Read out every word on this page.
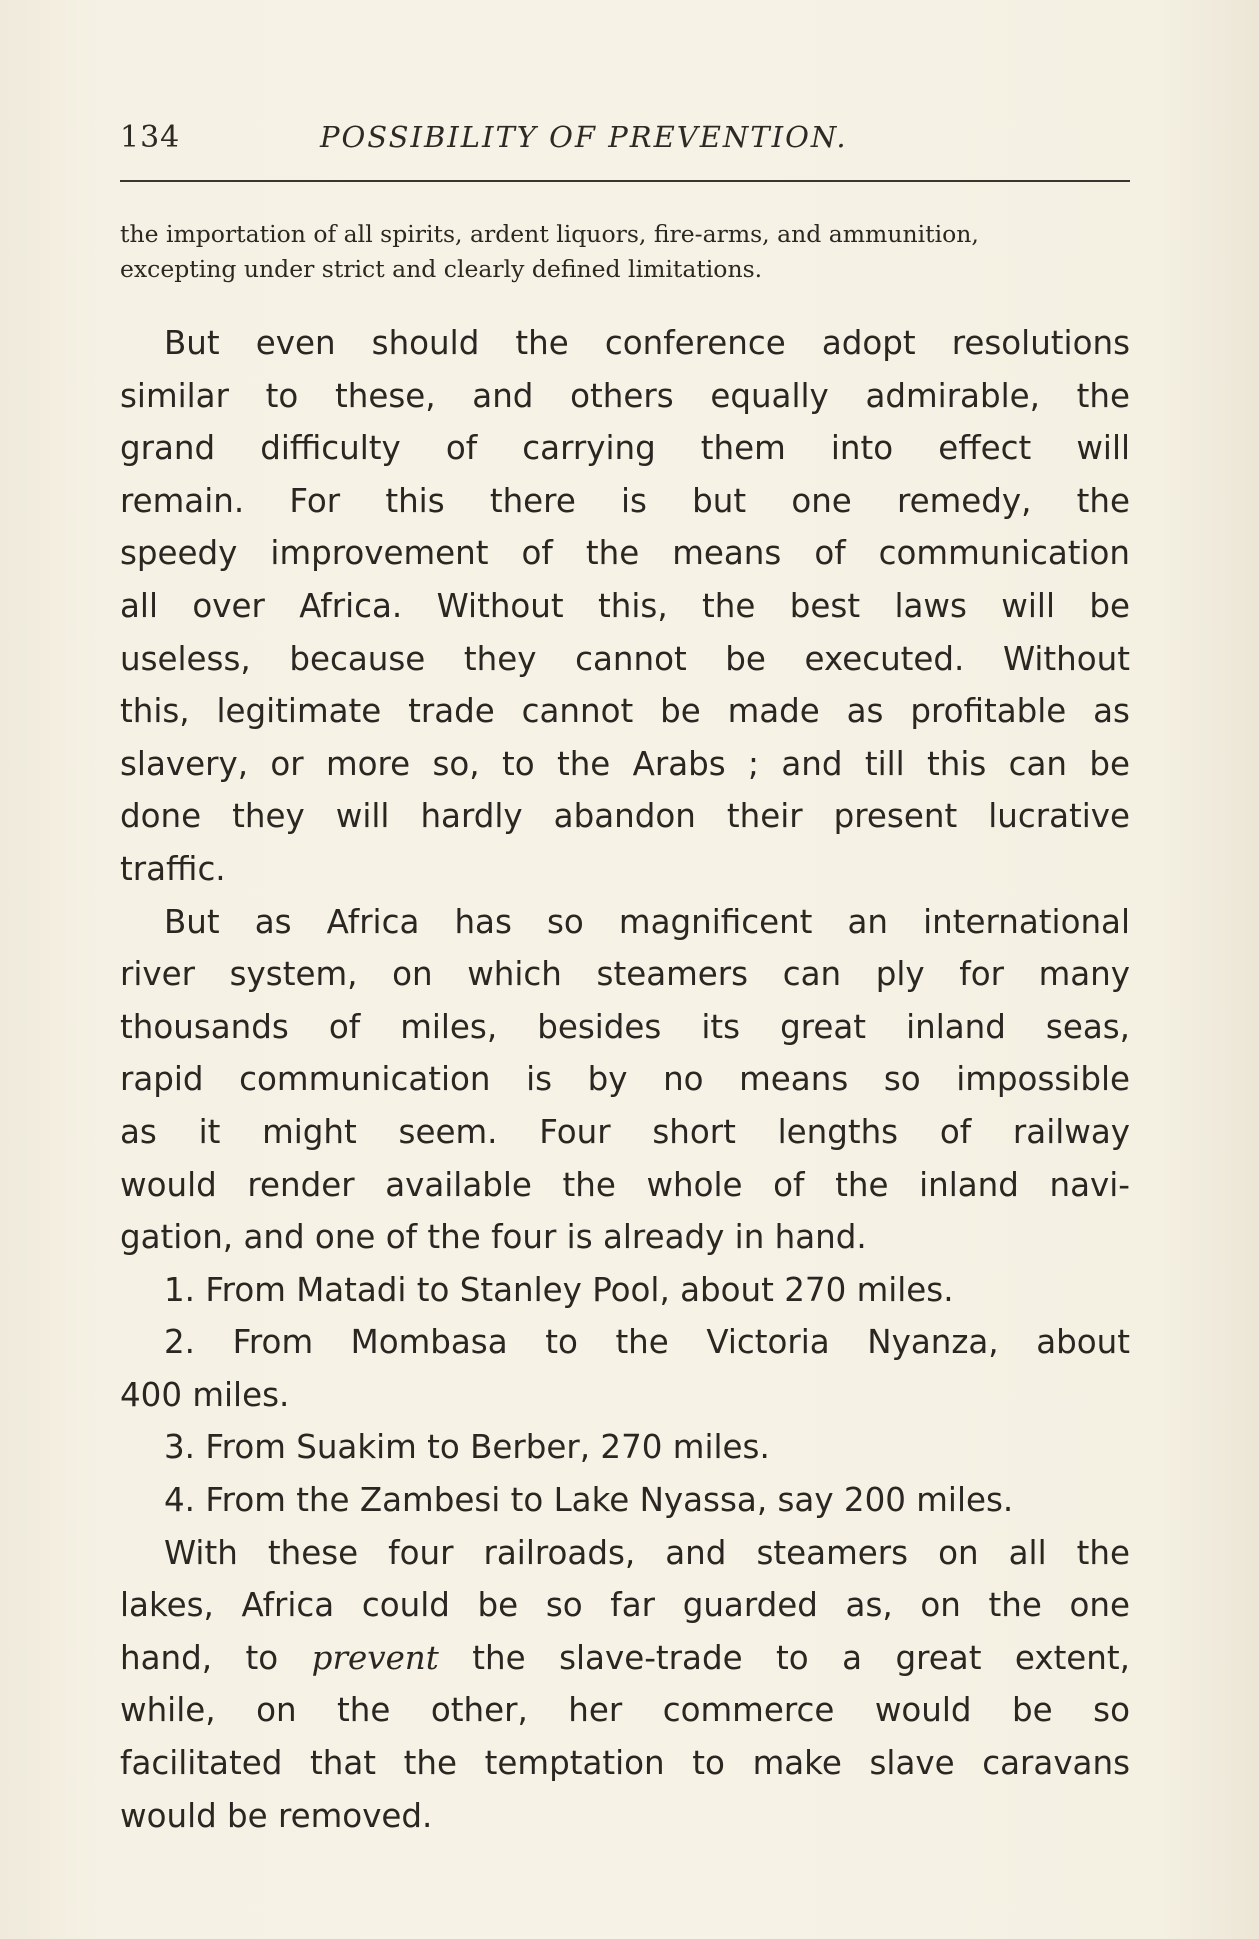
134	POSSIBILITY OF PREVENTION.
the importation of all spirits, ardent liquors, fire-arms, and ammunition,
excepting under strict and clearly defined limitations.
But even should the conference adopt resolutions
similar to these, and others equally admirable, the
grand difficulty of carrying them into effect will
remain. For this there is but one remedy, the
speedy improvement of the means of communication
all over Africa. Without this, the best laws will be
useless, because they cannot be executed. Without
this, legitimate trade cannot be made as profitable as
slavery, or more so, to the Arabs ; and till this can be
done they will hardly abandon their present lucrative
traffic.
But as Africa has so magnificent an international
river system, on which steamers can ply for many
thousands of miles, besides its great inland seas,
rapid communication is by no means so impossible
as it might seem. Four short lengths of railway
would render available the whole of the inland navi-
gation, and one of the four is already in hand.
1. From Matadi to Stanley Pool, about 270 miles.
2. From Mombasa to the Victoria Nyanza, about
400 miles.
3. From Suakim to Berber, 270 miles.
4. From the Zambesi to Lake Nyassa, say 200 miles.
With these four railroads, and steamers on all the
lakes, Africa could be so far guarded as, on the one
hand, to prevent the slave-trade to a great extent,
while, on the other, her commerce would be so
facilitated that the temptation to make slave caravans
would be removed.
